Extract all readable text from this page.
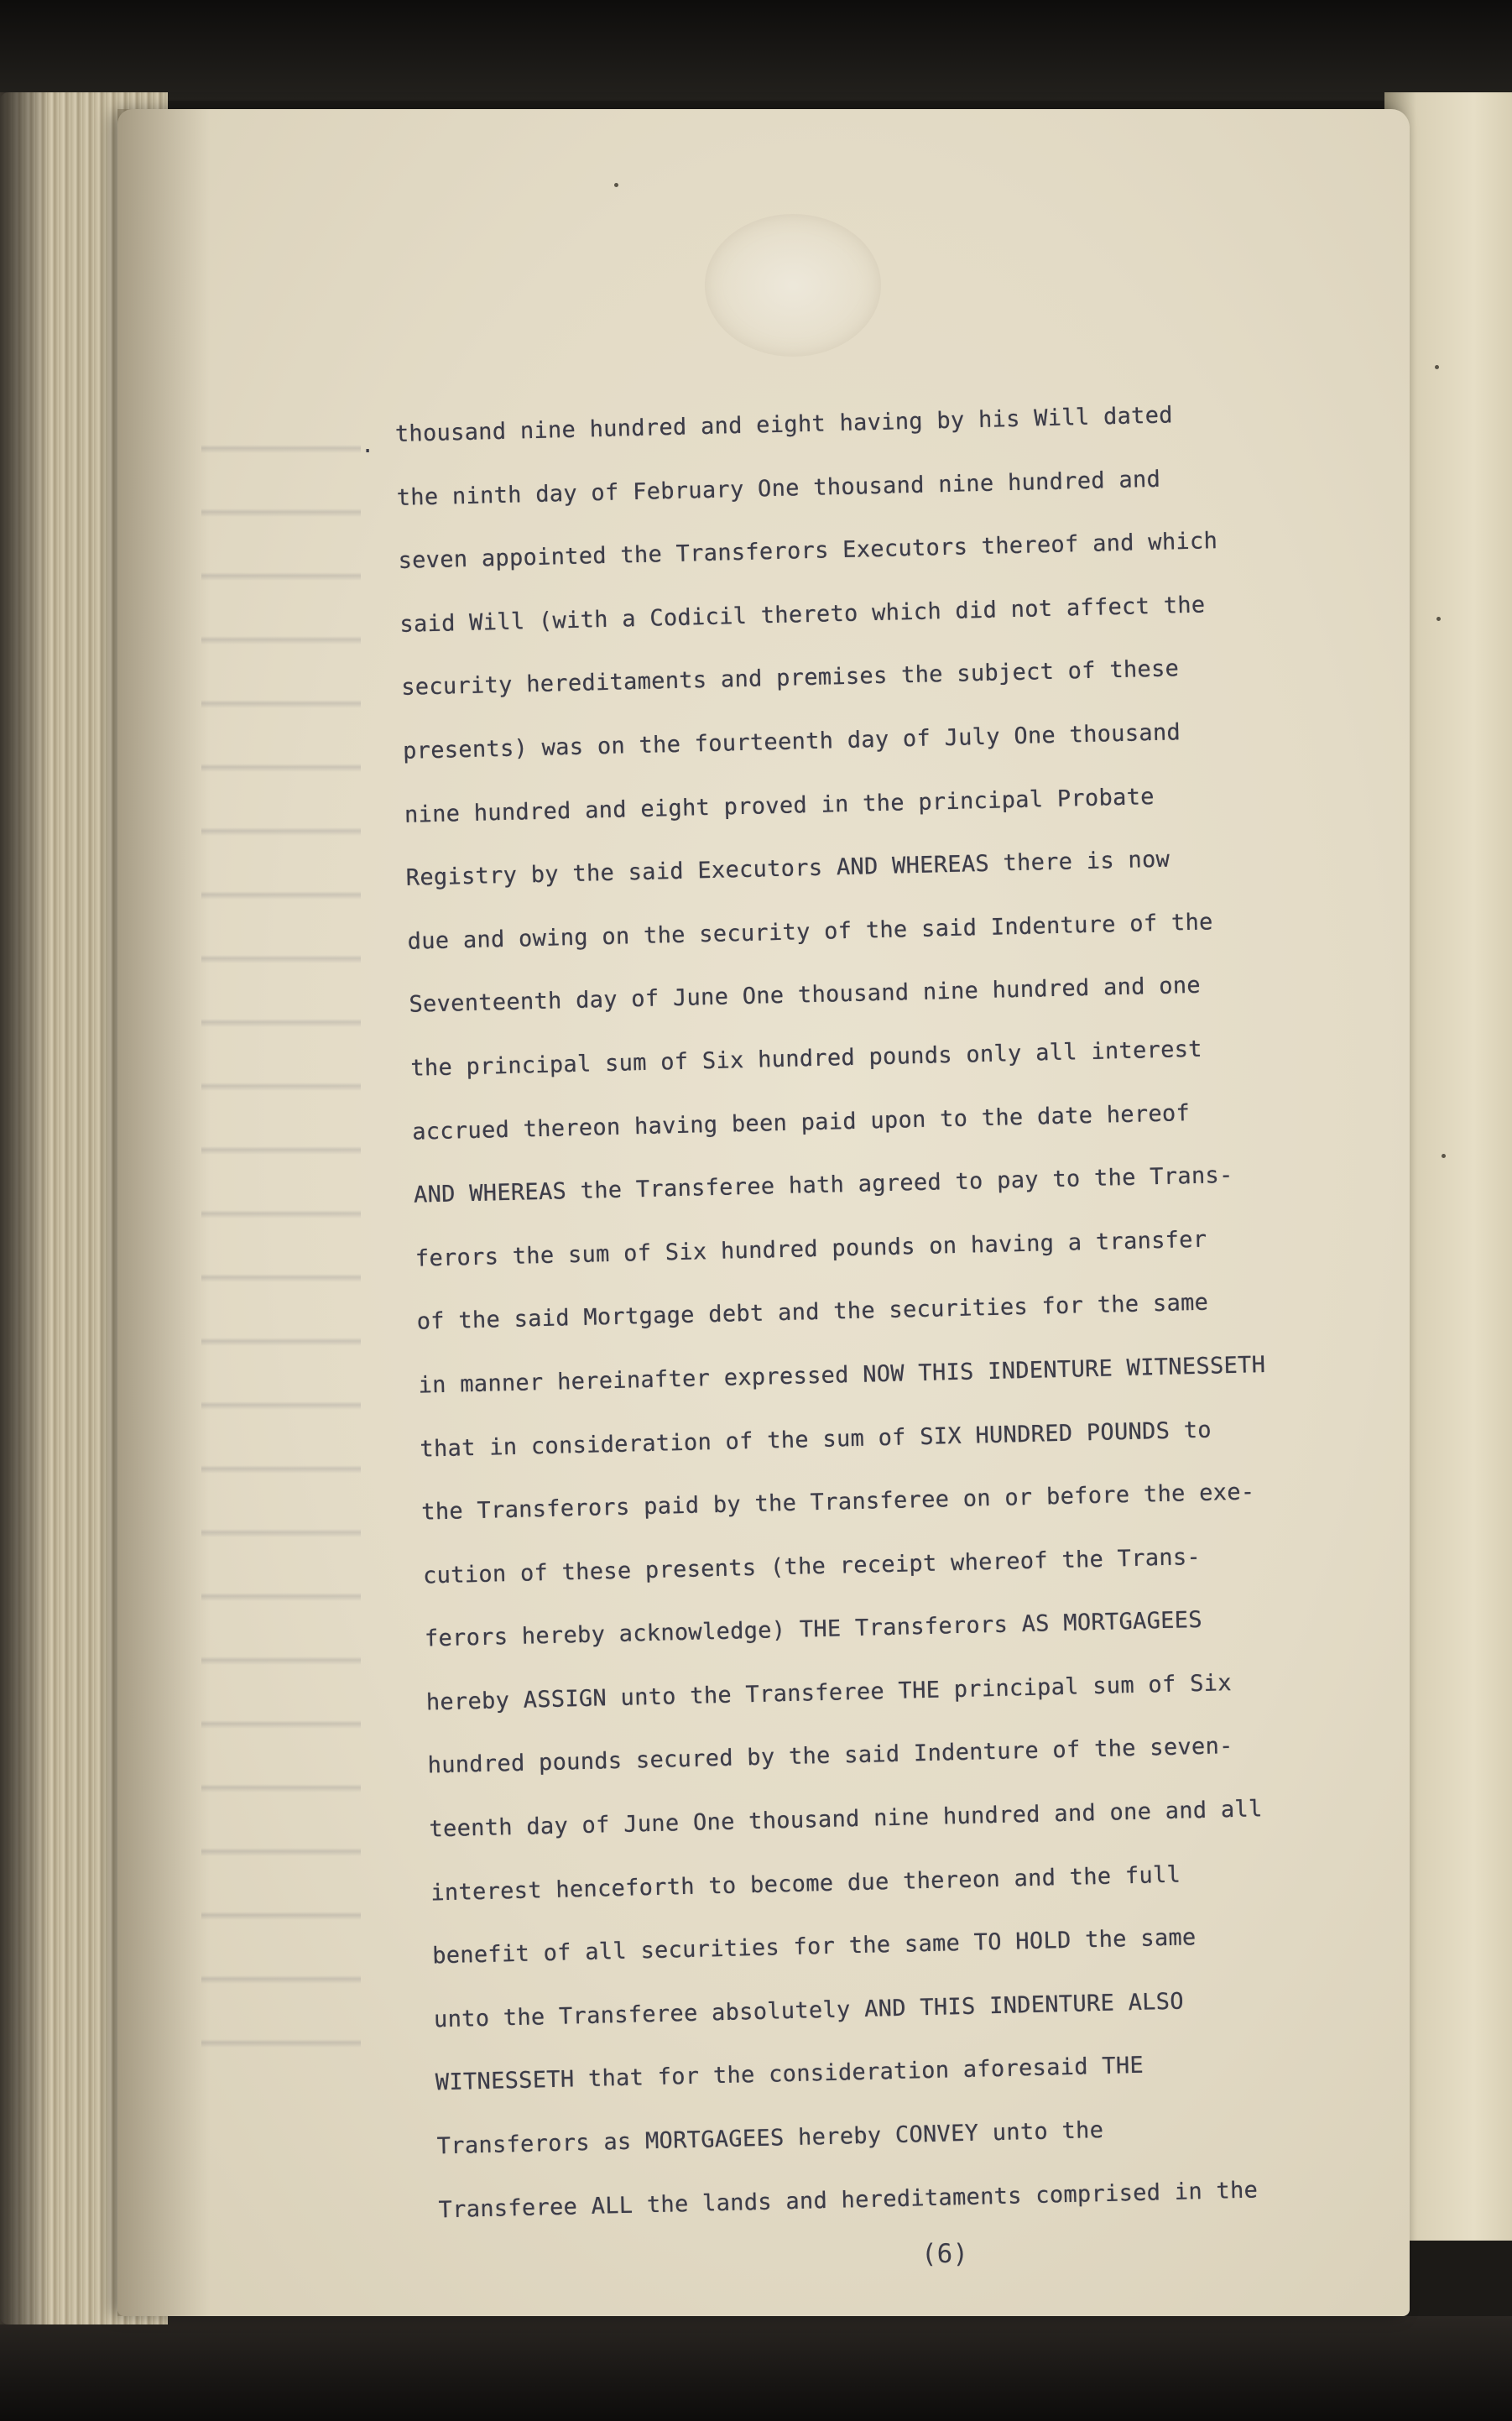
. thousand nine hundred and eight having by his Will dated
the ninth day of February One thousand nine hundred and
seven appointed the Transferors Executors thereof and which
said Will (with a Codicil thereto which did not affect the
security hereditaments and premises the subject of these
presents) was on the fourteenth day of July One thousand
nine hundred and eight proved in the principal Probate
Registry by the said Executors AND WHEREAS there is now
due and owing on the security of the said Indenture of the
Seventeenth day of June One thousand nine hundred and one
the principal sum of Six hundred pounds only all interest
accrued thereon having been paid upon to the date hereof
AND WHEREAS the Transferee hath agreed to pay to the Trans-
ferors the sum of Six hundred pounds on having a transfer
of the said Mortgage debt and the securities for the same
in manner hereinafter expressed NOW THIS INDENTURE WITNESSETH
that in consideration of the sum of SIX HUNDRED POUNDS to
the Transferors paid by the Transferee on or before the exe-
cution of these presents (the receipt whereof the Trans-
ferors hereby acknowledge) THE Transferors AS MORTGAGEES
hereby ASSIGN unto the Transferee THE principal sum of Six
hundred pounds secured by the said Indenture of the seven-
teenth day of June One thousand nine hundred and one and all
interest henceforth to become due thereon and the full
benefit of all securities for the same TO HOLD the same
unto the Transferee absolutely AND THIS INDENTURE ALSO
WITNESSETH that for the consideration aforesaid THE
Transferors as MORTGAGEES hereby CONVEY unto the
Transferee ALL the lands and hereditaments comprised in the
(6)
